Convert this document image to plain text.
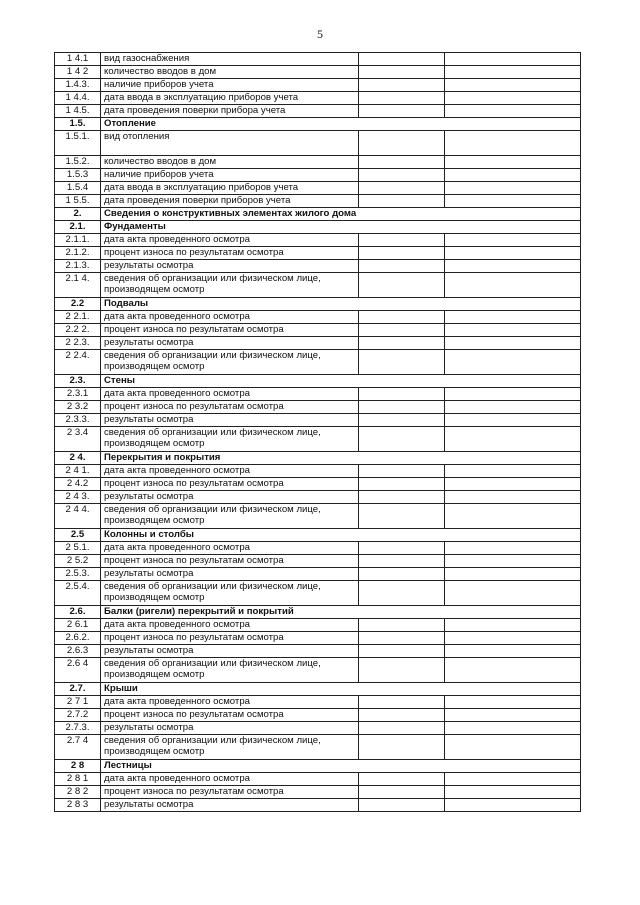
5
1 4.1	вид газоснабжения		
1 4 2	количество вводов в дом		
1.4.3.	наличие приборов учета		
1 4.4.	дата ввода в эксплуатацию приборов учета		
1 4.5.	дата проведения поверки прибора учета		
1.5.	Отопление		
1.5.1.	вид отопления		
1.5.2.	количество вводов в дом		
1.5.3	наличие приборов учета		
1.5.4	дата ввода в эксплуатацию приборов учета		
1 5.5.	дата проведения поверки приборов учета		
2.	Сведения о конструктивных элементах жилого дома		
2.1.	Фундаменты		
2.1.1.	дата акта проведенного осмотра		
2.1.2.	процент износа по результатам осмотра		
2.1.3.	результаты осмотра		
2.1 4.	сведения об организации или физическом лице, производящем осмотр		
2.2	Подвалы		
2 2.1.	дата акта проведенного осмотра		
2.2 2.	процент износа по результатам осмотра		
2 2.3.	результаты осмотра		
2 2.4.	сведения об организации или физическом лице, производящем осмотр		
2.3.	Стены		
2.3.1	дата акта проведенного осмотра		
2 3.2	процент износа по результатам осмотра		
2.3.3.	результаты осмотра		
2 3.4	сведения об организации или физическом лице, производящем осмотр		
2 4.	Перекрытия и покрытия		
2 4 1.	дата акта проведенного осмотра		
2 4.2	процент износа по результатам осмотра		
2 4 3.	результаты осмотра		
2 4 4.	сведения об организации или физическом лице, производящем осмотр		
2.5	Колонны и столбы		
2 5.1.	дата акта проведенного осмотра		
2 5.2	процент износа по результатам осмотра		
2.5.3.	результаты осмотра		
2.5.4.	сведения об организации или физическом лице, производящем осмотр		
2.6.	Балки (ригели) перекрытий и покрытий		
2 6.1	дата акта проведенного осмотра		
2.6.2.	процент износа по результатам осмотра		
2.6.3	результаты осмотра		
2.6 4	сведения об организации или физическом лице, производящем осмотр		
2.7.	Крыши		
2 7 1	дата акта проведенного осмотра		
2.7.2	процент износа по результатам осмотра		
2.7.3.	результаты осмотра		
2.7 4	сведения об организации или физическом лице, производящем осмотр		
2 8	Лестницы		
2 8 1	дата акта проведенного осмотра		
2 8 2	процент износа по результатам осмотра		
2 8 3	результаты осмотра		
